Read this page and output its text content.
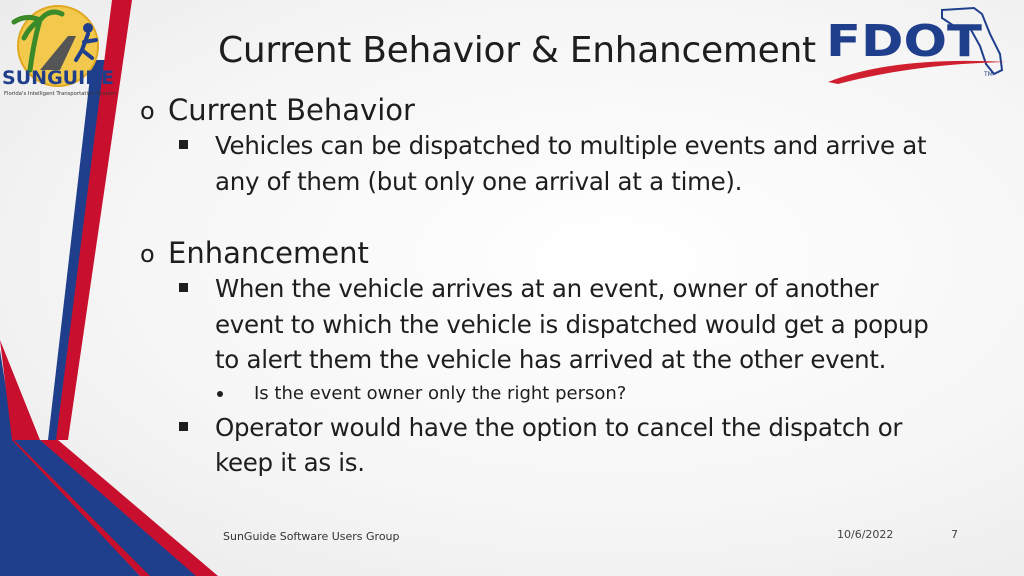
SUNGUIDE
Florida's Intelligent Transportation System
FDOT
TM
Current Behavior & Enhancement
o Current Behavior
Vehicles can be dispatched to multiple events and arrive at
any of them (but only one arrival at a time).
o Enhancement
When the vehicle arrives at an event, owner of another
event to which the vehicle is dispatched would get a popup
to alert them the vehicle has arrived at the other event.
Is the event owner only the right person?
Operator would have the option to cancel the dispatch or
keep it as is.
SunGuide Software Users Group	10/6/2022	7
